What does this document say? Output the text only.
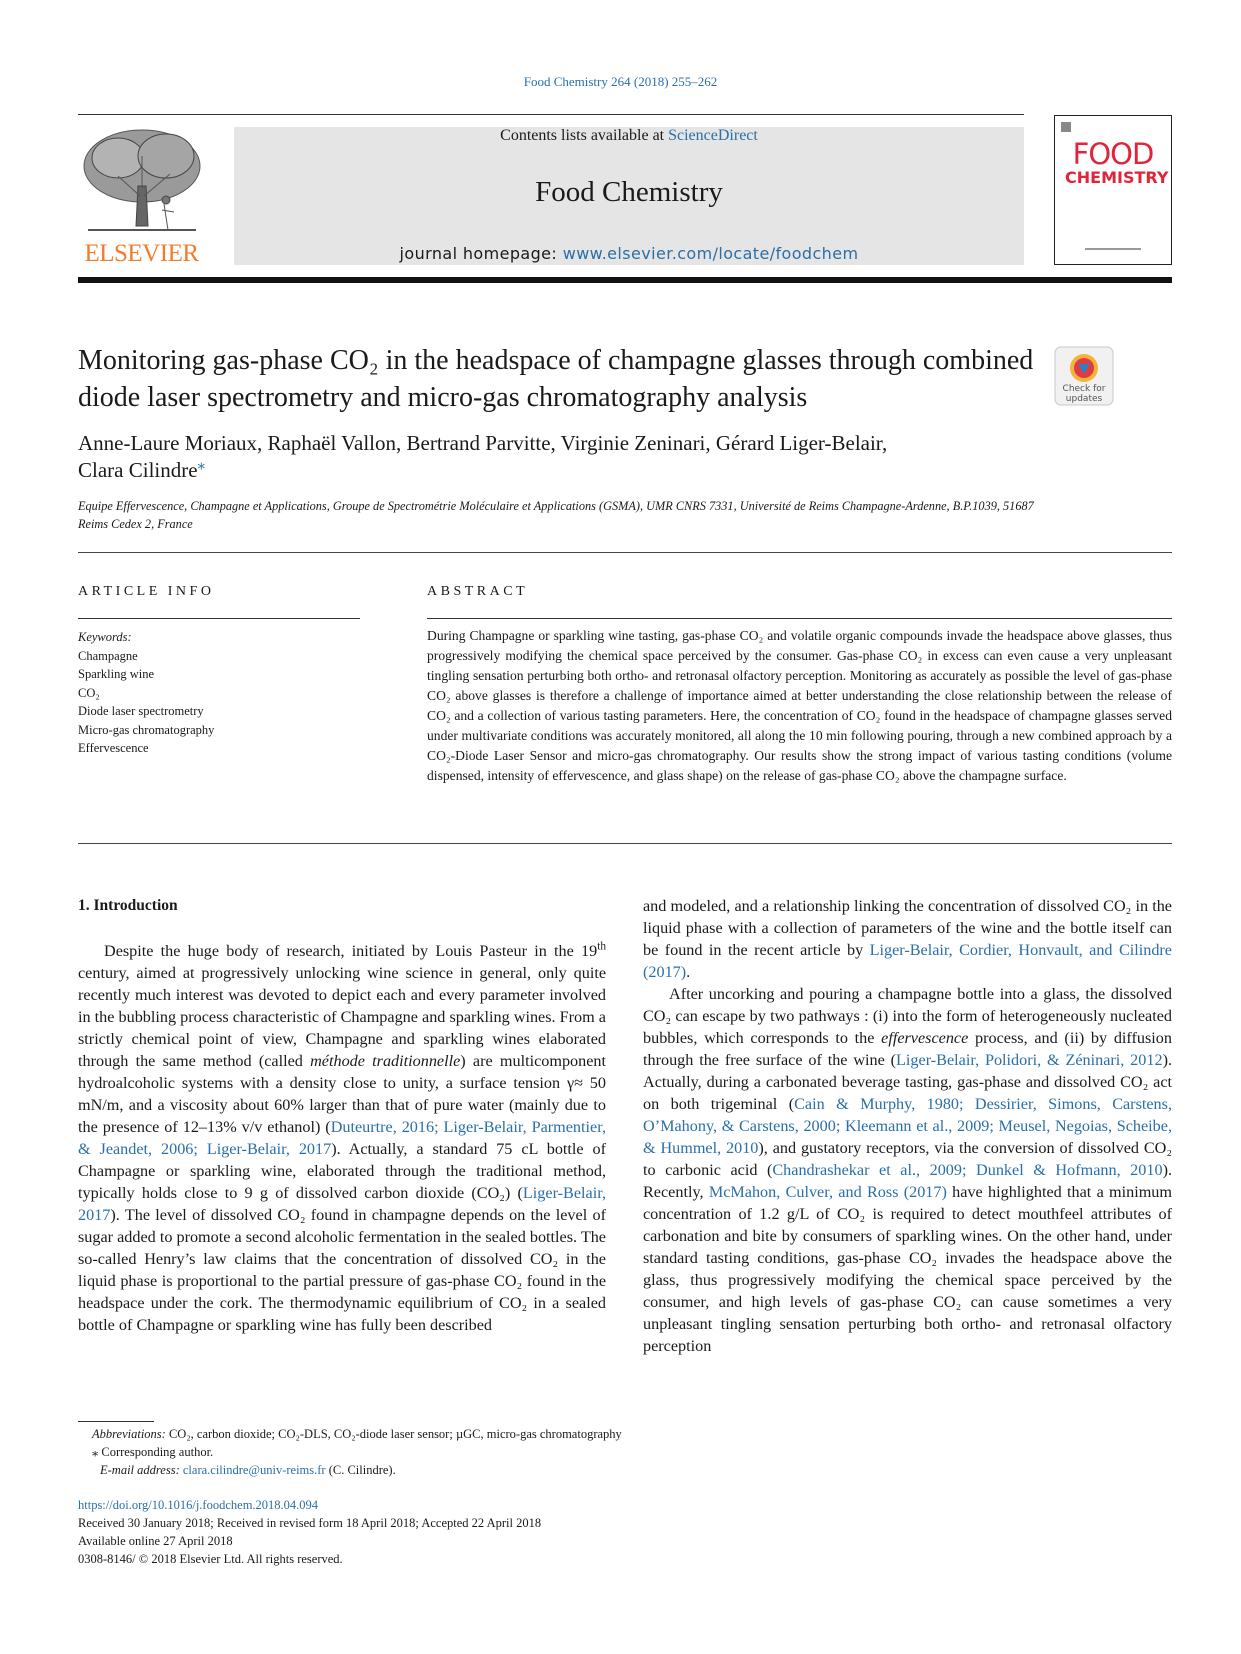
Food Chemistry 264 (2018) 255–262
ELSEVIER
Contents lists available at ScienceDirect
Food Chemistry
journal homepage: www.elsevier.com/locate/foodchem
FOOD
CHEMISTRY
Monitoring gas-phase CO₂ in the headspace of champagne glasses through combined diode laser spectrometry and micro-gas chromatography analysis	Check for
updates
Anne-Laure Moriaux, Raphaël Vallon, Bertrand Parvitte, Virginie Zeninari, Gérard Liger-Belair,
Clara Cilindre⁎
Equipe Effervescence, Champagne et Applications, Groupe de Spectrométrie Moléculaire et Applications (GSMA), UMR CNRS 7331, Université de Reims Champagne-Ardenne, B.P.1039, 51687 Reims Cedex 2, France
ARTICLE INFO	ABSTRACT
Keywords:
Champagne
Sparkling wine
CO₂
Diode laser spectrometry
Micro-gas chromatography
Effervescence
During Champagne or sparkling wine tasting, gas-phase CO₂ and volatile organic compounds invade the headspace above glasses, thus progressively modifying the chemical space perceived by the consumer. Gas-phase CO₂ in excess can even cause a very unpleasant tingling sensation perturbing both ortho- and retronasal olfactory perception. Monitoring as accurately as possible the level of gas-phase CO₂ above glasses is therefore a challenge of importance aimed at better understanding the close relationship between the release of CO₂ and a collection of various tasting parameters. Here, the concentration of CO₂ found in the headspace of champagne glasses served under multivariate conditions was accurately monitored, all along the 10 min following pouring, through a new combined approach by a CO₂-Diode Laser Sensor and micro-gas chromatography. Our results show the strong impact of various tasting conditions (volume dispensed, intensity of effervescence, and glass shape) on the release of gas-phase CO₂ above the champagne surface.
1. Introduction

Despite the huge body of research, initiated by Louis Pasteur in the 19th century, aimed at progressively unlocking wine science in general, only quite recently much interest was devoted to depict each and every parameter involved in the bubbling process characteristic of Champagne and sparkling wines. From a strictly chemical point of view, Champagne and sparkling wines elaborated through the same method (called méthode traditionnelle) are multicomponent hydroalcoholic systems with a density close to unity, a surface tension γ≈ 50 mN/m, and a viscosity about 60% larger than that of pure water (mainly due to the presence of 12–13% v/v ethanol) (Duteurtre, 2016; Liger-Belair, Parmentier, & Jeandet, 2006; Liger-Belair, 2017). Actually, a standard 75 cL bottle of Champagne or sparkling wine, elaborated through the traditional method, typically holds close to 9 g of dissolved carbon dioxide (CO₂) (Liger-Belair, 2017). The level of dissolved CO₂ found in champagne depends on the level of sugar added to promote a second alcoholic fermentation in the sealed bottles. The so-called Henry’s law claims that the concentration of dissolved CO₂ in the liquid phase is proportional to the partial pressure of gas-phase CO₂ found in the headspace under the cork. The thermodynamic equilibrium of CO₂ in a sealed bottle of Champagne or sparkling wine has fully been described

and modeled, and a relationship linking the concentration of dissolved CO₂ in the liquid phase with a collection of parameters of the wine and the bottle itself can be found in the recent article by Liger-Belair, Cordier, Honvault, and Cilindre (2017).

After uncorking and pouring a champagne bottle into a glass, the dissolved CO₂ can escape by two pathways : (i) into the form of heterogeneously nucleated bubbles, which corresponds to the effervescence process, and (ii) by diffusion through the free surface of the wine (Liger-Belair, Polidori, & Zéninari, 2012). Actually, during a carbonated beverage tasting, gas-phase and dissolved CO₂ act on both trigeminal (Cain & Murphy, 1980; Dessirier, Simons, Carstens, O’Mahony, & Carstens, 2000; Kleemann et al., 2009; Meusel, Negoias, Scheibe, & Hummel, 2010), and gustatory receptors, via the conversion of dissolved CO₂ to carbonic acid (Chandrashekar et al., 2009; Dunkel & Hofmann, 2010). Recently, McMahon, Culver, and Ross (2017) have highlighted that a minimum concentration of 1.2 g/L of CO₂ is required to detect mouthfeel attributes of carbonation and bite by consumers of sparkling wines. On the other hand, under standard tasting conditions, gas-phase CO₂ invades the headspace above the glass, thus progressively modifying the chemical space perceived by the consumer, and high levels of gas-phase CO₂ can cause sometimes a very unpleasant tingling sensation perturbing both ortho- and retronasal olfactory perception

Abbreviations: CO₂, carbon dioxide; CO₂-DLS, CO₂-diode laser sensor; µGC, micro-gas chromatography
⁎ Corresponding author.
E-mail address: clara.cilindre@univ-reims.fr (C. Cilindre).
https://doi.org/10.1016/j.foodchem.2018.04.094
Received 30 January 2018; Received in revised form 18 April 2018; Accepted 22 April 2018
Available online 27 April 2018
0308-8146/ © 2018 Elsevier Ltd. All rights reserved.
